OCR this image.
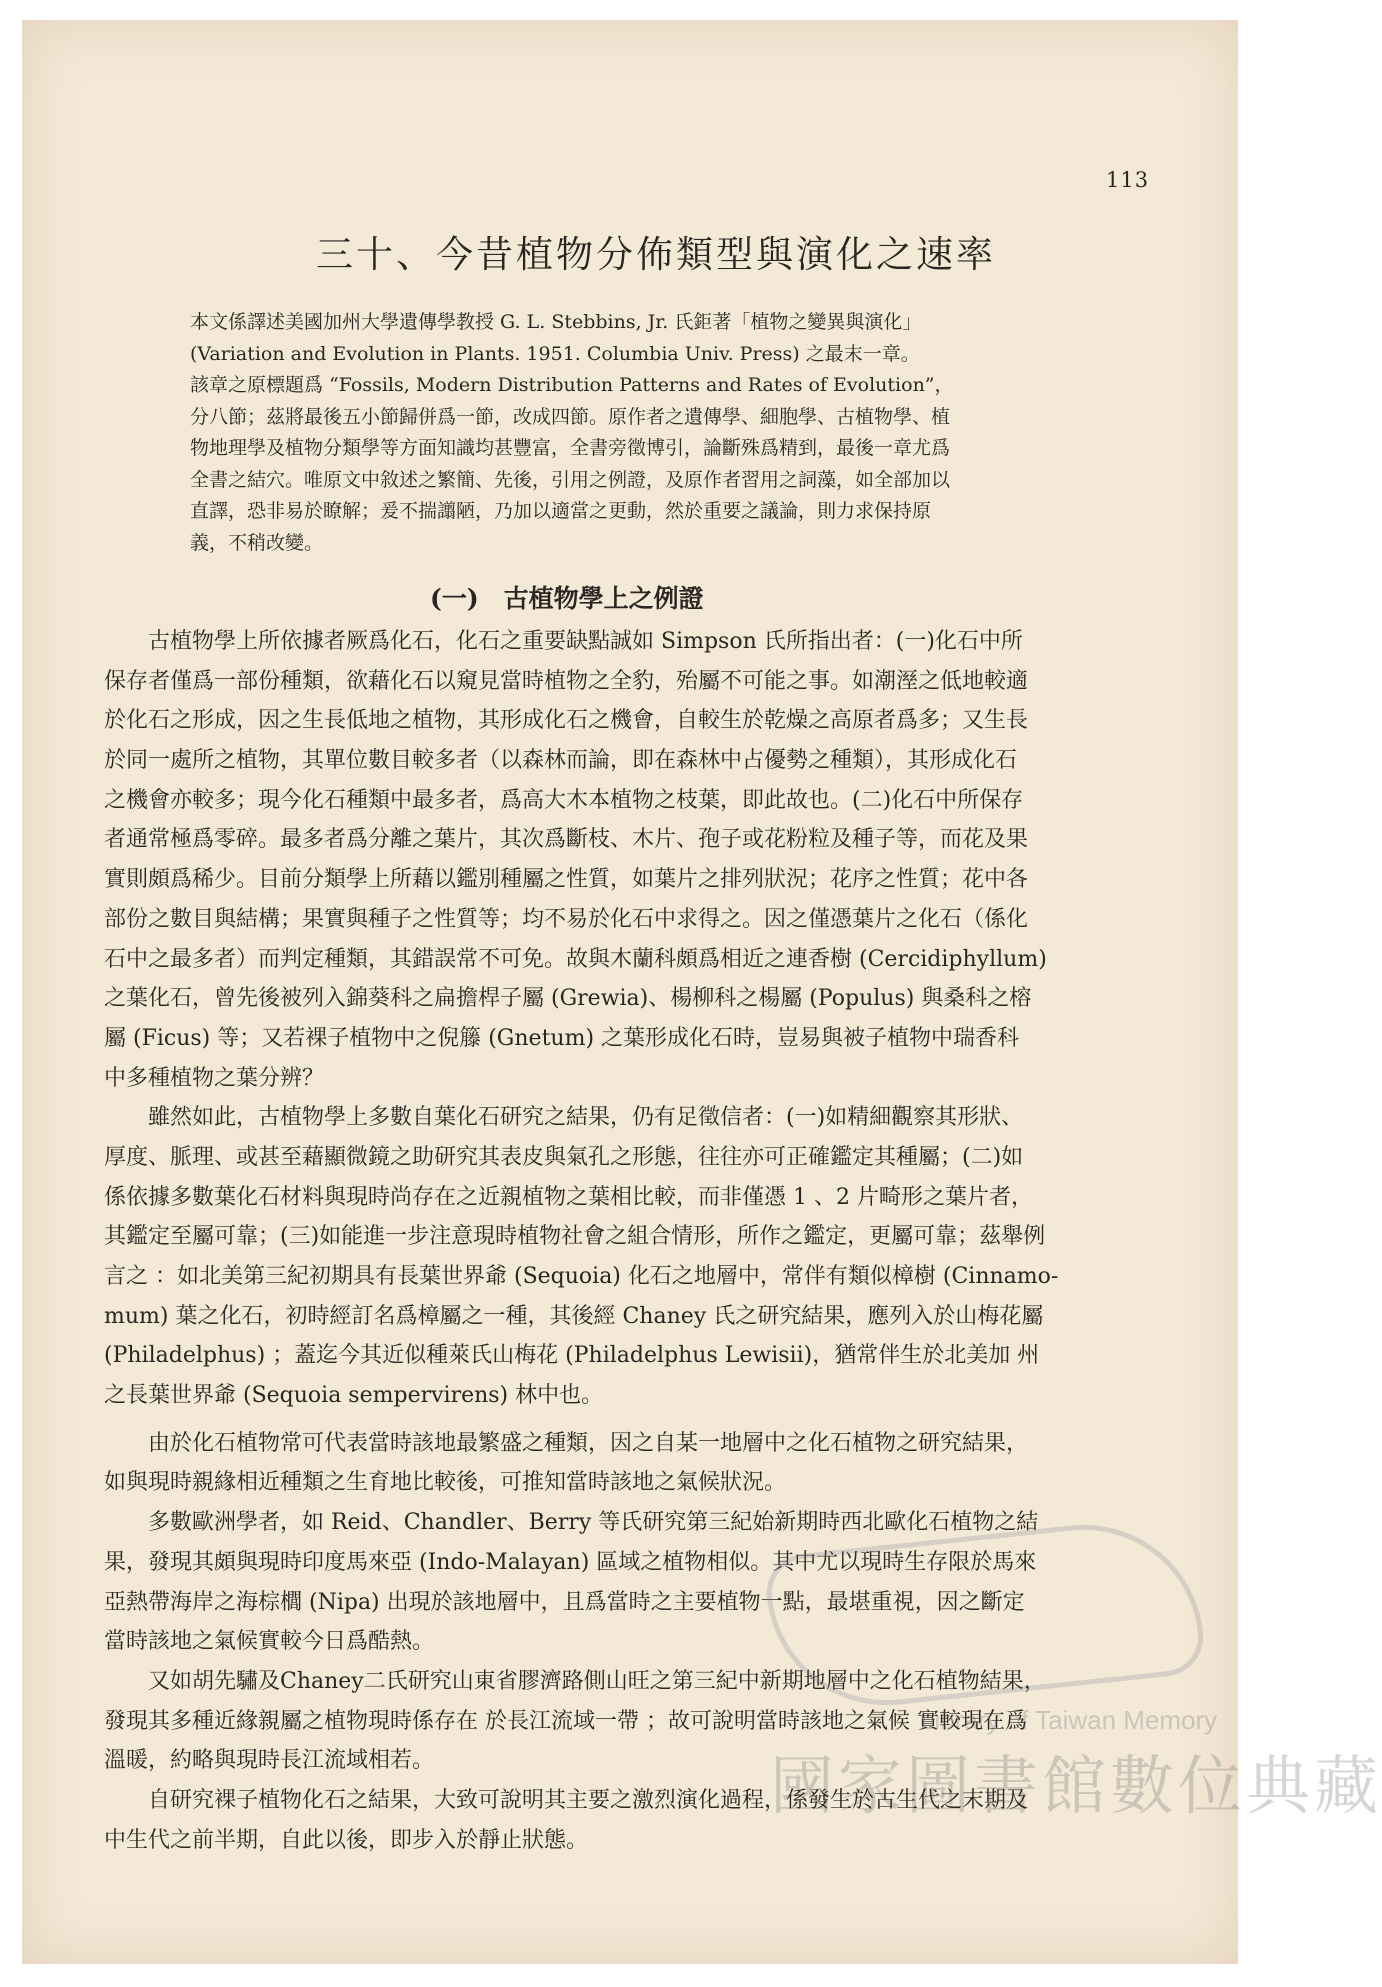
113
三十、今昔植物分佈類型與演化之速率
本文係譯述美國加州大學遺傳學教授 G. L. Stebbins, Jr. 氏鉅著「植物之變異與演化」
(Variation and Evolution in Plants. 1951. Columbia Univ. Press) 之最末一章。
該章之原標題爲 “Fossils, Modern Distribution Patterns and Rates of Evolution”，
分八節；茲將最後五小節歸併爲一節，改成四節。原作者之遺傳學、細胞學、古植物學、植
物地理學及植物分類學等方面知識均甚豐富，全書旁徵博引，論斷殊爲精到，最後一章尤爲
全書之結穴。唯原文中敘述之繁簡、先後，引用之例證，及原作者習用之詞藻，如全部加以
直譯，恐非易於瞭解；爰不揣譾陋，乃加以適當之更動，然於重要之議論，則力求保持原
義，不稍改變。
(一)　古植物學上之例證
古植物學上所依據者厥爲化石，化石之重要缺點誠如 Simpson 氏所指出者：(一)化石中所
保存者僅爲一部份種類，欲藉化石以窺見當時植物之全豹，殆屬不可能之事。如潮溼之低地較適
於化石之形成，因之生長低地之植物，其形成化石之機會，自較生於乾燥之高原者爲多；又生長
於同一處所之植物，其單位數目較多者（以森林而論，即在森林中占優勢之種類），其形成化石
之機會亦較多；現今化石種類中最多者，爲高大木本植物之枝葉，即此故也。(二)化石中所保存
者通常極爲零碎。最多者爲分離之葉片，其次爲斷枝、木片、孢子或花粉粒及種子等，而花及果
實則頗爲稀少。目前分類學上所藉以鑑別種屬之性質，如葉片之排列狀況；花序之性質；花中各
部份之數目與結構；果實與種子之性質等；均不易於化石中求得之。因之僅憑葉片之化石（係化
石中之最多者）而判定種類，其錯誤常不可免。故與木蘭科頗爲相近之連香樹 (Cercidiphyllum)
之葉化石，曾先後被列入錦葵科之扁擔桿子屬 (Grewia)、楊柳科之楊屬 (Populus) 與桑科之榕
屬 (Ficus) 等；又若裸子植物中之倪籐 (Gnetum) 之葉形成化石時，豈易與被子植物中瑞香科
中多種植物之葉分辨？
雖然如此，古植物學上多數自葉化石研究之結果，仍有足徵信者：(一)如精細觀察其形狀、
厚度、脈理、或甚至藉顯微鏡之助研究其表皮與氣孔之形態，往往亦可正確鑑定其種屬；(二)如
係依據多數葉化石材料與現時尚存在之近親植物之葉相比較，而非僅憑 1 、2 片畸形之葉片者，
其鑑定至屬可靠；(三)如能進一步注意現時植物社會之組合情形，所作之鑑定，更屬可靠；茲舉例
言之 ：如北美第三紀初期具有長葉世界爺 (Sequoia) 化石之地層中，常伴有類似樟樹 (Cinnamo-
mum) 葉之化石，初時經訂名爲樟屬之一種，其後經 Chaney 氏之研究結果，應列入於山梅花屬
(Philadelphus) ；蓋迄今其近似種萊氏山梅花 (Philadelphus Lewisii)，猶常伴生於北美加 州
之長葉世界爺 (Sequoia sempervirens) 林中也。
由於化石植物常可代表當時該地最繁盛之種類，因之自某一地層中之化石植物之研究結果，
如與現時親緣相近種類之生育地比較後，可推知當時該地之氣候狀況。
多數歐洲學者，如 Reid、Chandler、Berry 等氏研究第三紀始新期時西北歐化石植物之結
果，發現其頗與現時印度馬來亞 (Indo-Malayan) 區域之植物相似。其中尤以現時生存限於馬來
亞熱帶海岸之海棕櫚 (Nipa) 出現於該地層中，且爲當時之主要植物一點，最堪重視，因之斷定
當時該地之氣候實較今日爲酷熱。
又如胡先驌及Chaney二氏研究山東省膠濟路側山旺之第三紀中新期地層中之化石植物結果，
發現其多種近緣親屬之植物現時係存在 於長江流域一帶 ；故可說明當時該地之氣候 實較現在爲
溫暖，約略與現時長江流域相若。
自研究裸子植物化石之結果，大致可說明其主要之激烈演化過程，係發生於古生代之末期及
中生代之前半期，自此以後，即步入於靜止狀態。
Library of Taiwan Memory
國家圖書館數位典藏
